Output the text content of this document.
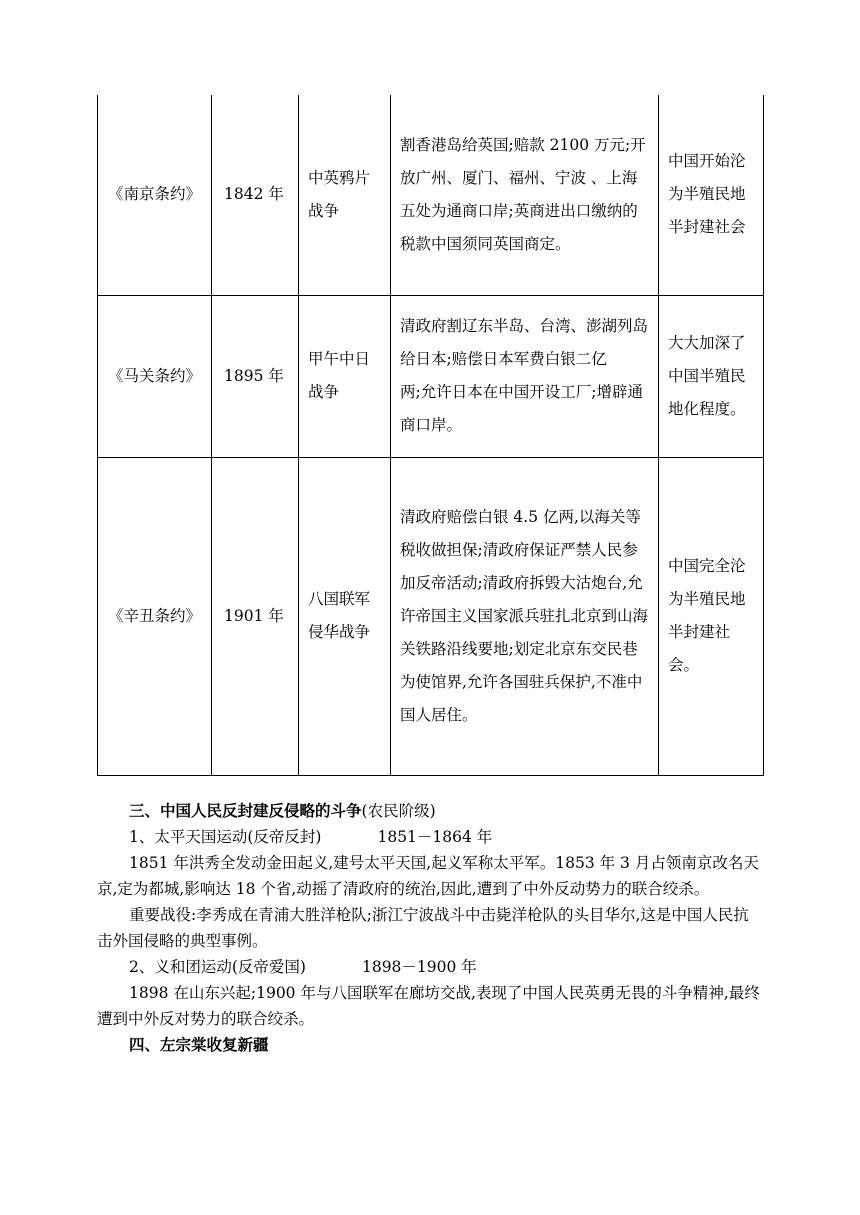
《南京条约》	1842 年	中英鸦片战争	割香港岛给英国;赔款 2100 万元;开放广州、厦门、福州、宁波 、上海五处为通商口岸;英商进出口缴纳的税款中国须同英国商定。	中国开始沦为半殖民地半封建社会
《马关条约》	1895 年	甲午中日战争	清政府割辽东半岛、台湾、澎湖列岛给日本;赔偿日本军费白银二亿　　两;允许日本在中国开设工厂;增辟通商口岸。	大大加深了中国半殖民地化程度。
《辛丑条约》	1901 年	八国联军侵华战争	清政府赔偿白银 4.5 亿两,以海关等税收做担保;清政府保证严禁人民参加反帝活动;清政府拆毁大沽炮台,允许帝国主义国家派兵驻扎北京到山海关铁路沿线要地;划定北京东交民巷为使馆界,允许各国驻兵保护,不准中国人居住。	中国完全沦为半殖民地半封建社会。
三、中国人民反封建反侵略的斗争(农民阶级)
1、太平天国运动(反帝反封)	1851－1864 年

1851 年洪秀全发动金田起义,建号太平天国,起义军称太平军。1853 年 3 月占领南京改名天京,定为都城,影响达 18 个省,动摇了清政府的统治,因此,遭到了中外反动势力的联合绞杀。

重要战役:李秀成在青浦大胜洋枪队;浙江宁波战斗中击毙洋枪队的头目华尔,这是中国人民抗击外国侵略的典型事例。

2、义和团运动(反帝爱国)	1898－1900 年

1898 在山东兴起;1900 年与八国联军在廊坊交战,表现了中国人民英勇无畏的斗争精神,最终遭到中外反对势力的联合绞杀。

四、左宗棠收复新疆
